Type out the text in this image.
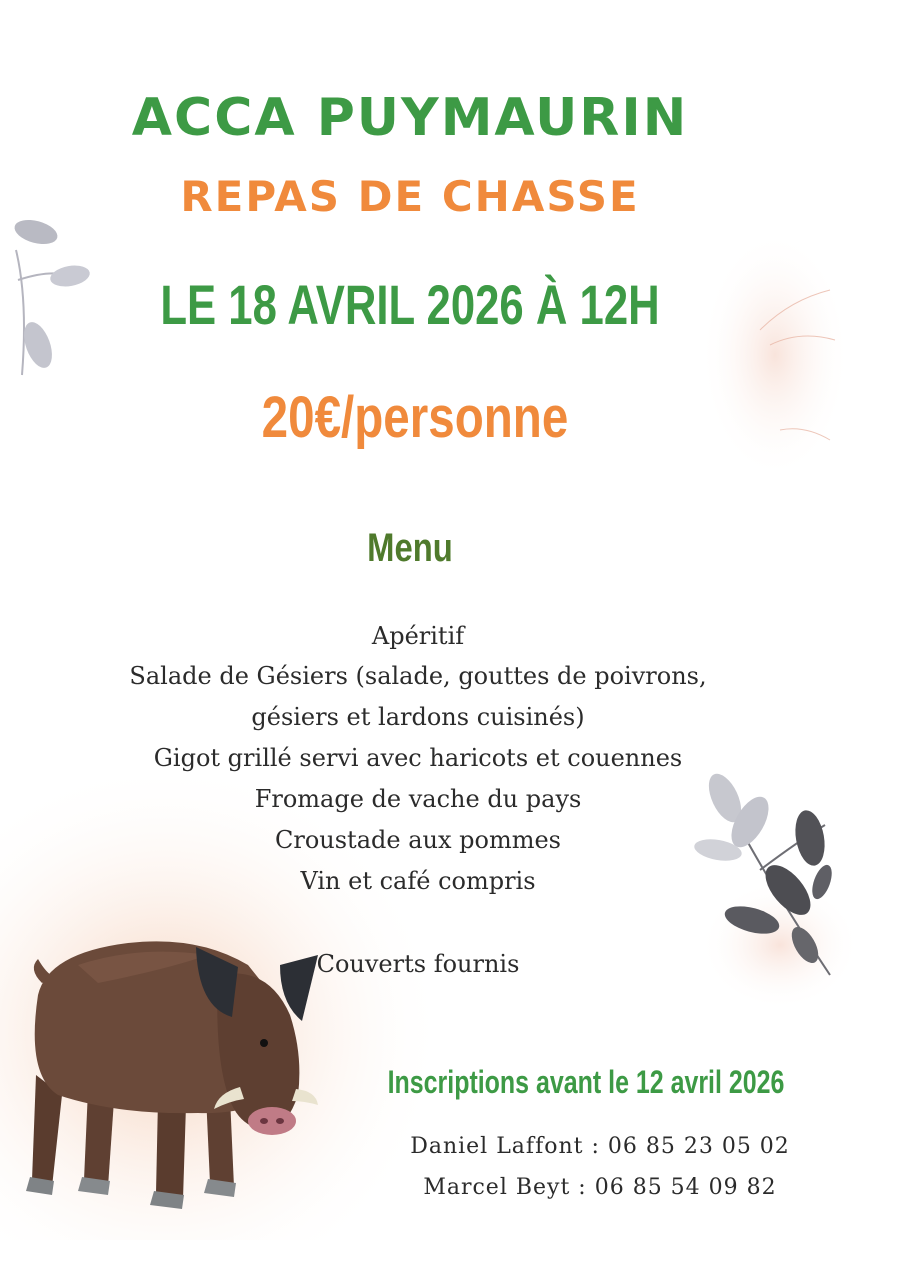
ACCA PUYMAURIN
REPAS DE CHASSE
LE 18 AVRIL 2026 À 12H
20€/personne
Menu
Apéritif
Salade de Gésiers (salade, gouttes de poivrons,
gésiers et lardons cuisinés)
Gigot grillé servi avec haricots et couennes
Fromage de vache du pays
Croustade aux pommes
Vin et café compris
Couverts fournis
Inscriptions avant le 12 avril 2026
Daniel Laffont : 06 85 23 05 02
Marcel Beyt : 06 85 54 09 82
